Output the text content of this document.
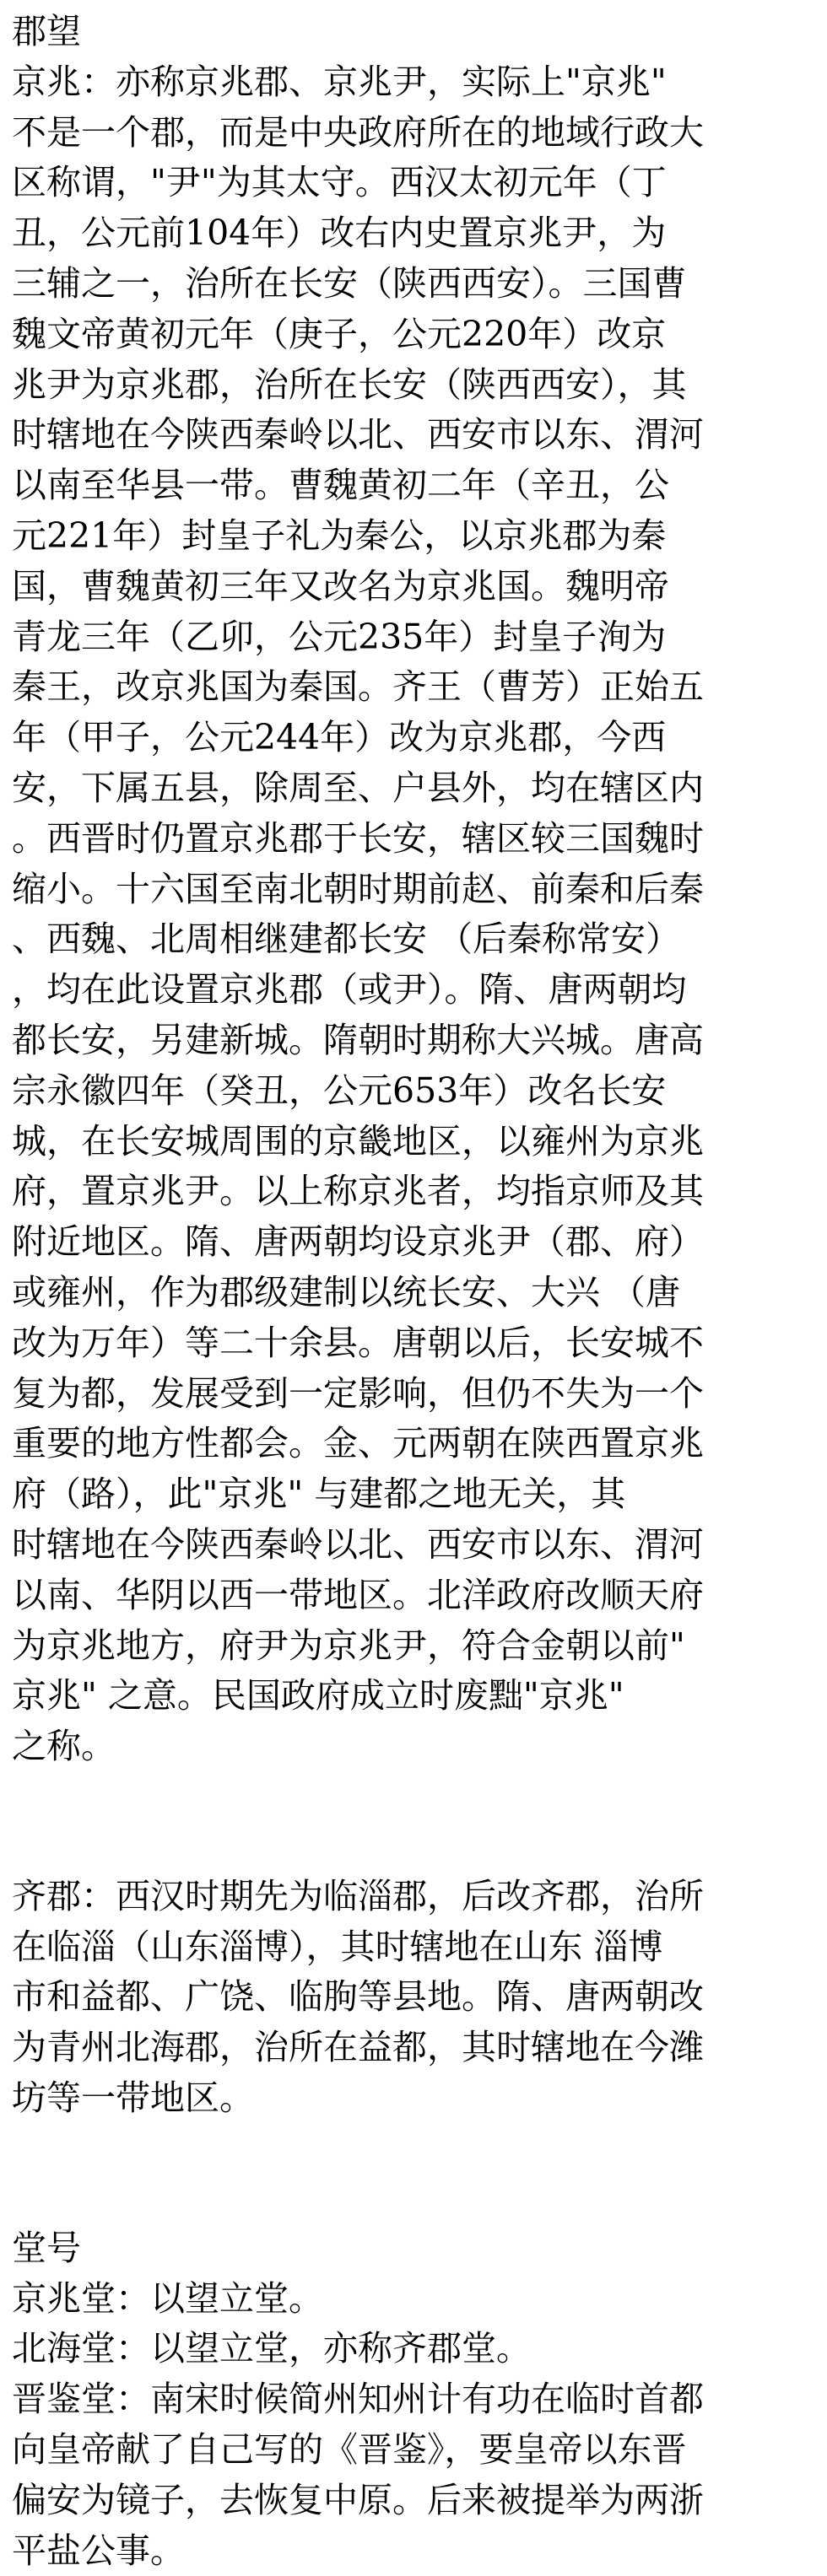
郡望
京兆：亦称京兆郡、京兆尹，实际上"京兆"
不是一个郡，而是中央政府所在的地域行政大
区称谓，"尹"为其太守。西汉太初元年（丁
丑，公元前104年）改右内史置京兆尹，为
三辅之一，治所在长安（陕西西安）。三国曹
魏文帝黄初元年（庚子，公元220年）改京
兆尹为京兆郡，治所在长安（陕西西安），其
时辖地在今陕西秦岭以北、西安市以东、渭河
以南至华县一带。曹魏黄初二年（辛丑，公
元221年）封皇子礼为秦公，以京兆郡为秦
国，曹魏黄初三年又改名为京兆国。魏明帝
青龙三年（乙卯，公元235年）封皇子洵为
秦王，改京兆国为秦国。齐王（曹芳）正始五
年（甲子，公元244年）改为京兆郡，今西
安，下属五县，除周至、户县外，均在辖区内
。西晋时仍置京兆郡于长安，辖区较三国魏时
缩小。十六国至南北朝时期前赵、前秦和后秦
、西魏、北周相继建都长安 （后秦称常安）
，均在此设置京兆郡（或尹）。隋、唐两朝均
都长安，另建新城。隋朝时期称大兴城。唐高
宗永徽四年（癸丑，公元653年）改名长安
城，在长安城周围的京畿地区，以雍州为京兆
府，置京兆尹。以上称京兆者，均指京师及其
附近地区。隋、唐两朝均设京兆尹（郡、府）
或雍州，作为郡级建制以统长安、大兴 （唐
改为万年）等二十余县。唐朝以后，长安城不
复为都，发展受到一定影响，但仍不失为一个
重要的地方性都会。金、元两朝在陕西置京兆
府（路），此"京兆" 与建都之地无关，其
时辖地在今陕西秦岭以北、西安市以东、渭河
以南、华阴以西一带地区。北洋政府改顺天府
为京兆地方，府尹为京兆尹，符合金朝以前"
京兆" 之意。民国政府成立时废黜"京兆"
之称。
齐郡：西汉时期先为临淄郡，后改齐郡，治所
在临淄（山东淄博），其时辖地在山东 淄博
市和益都、广饶、临朐等县地。隋、唐两朝改
为青州北海郡，治所在益都，其时辖地在今潍
坊等一带地区。
堂号
京兆堂：以望立堂。
北海堂：以望立堂，亦称齐郡堂。
晋鉴堂：南宋时候简州知州计有功在临时首都
向皇帝献了自己写的《晋鉴》，要皇帝以东晋
偏安为镜子，去恢复中原。后来被提举为两浙
平盐公事。
